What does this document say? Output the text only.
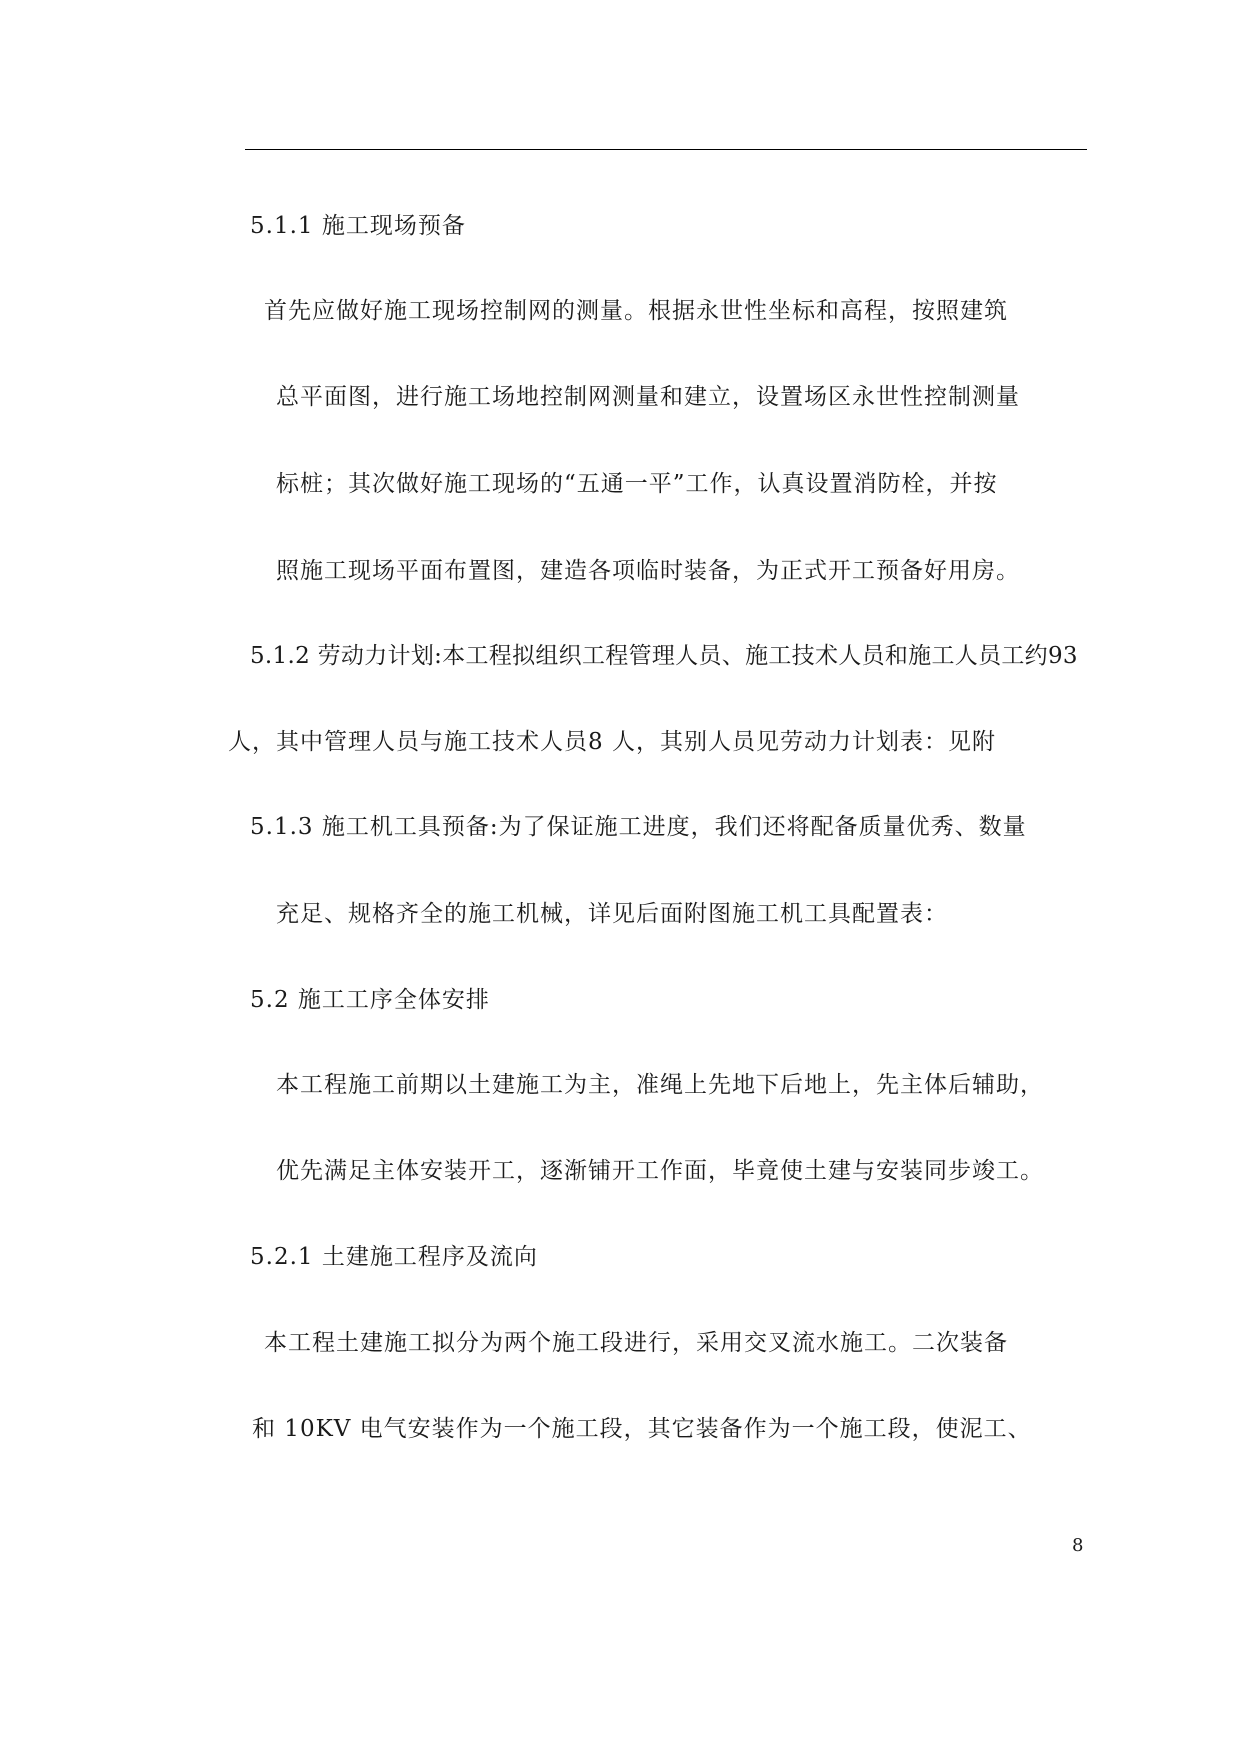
5.1.1 施工现场预备
首先应做好施工现场控制网的测量。根据永世性坐标和高程，按照建筑
总平面图，进行施工场地控制网测量和建立，设置场区永世性控制测量
标桩；其次做好施工现场的“五通一平”工作，认真设置消防栓，并按
照施工现场平面布置图，建造各项临时装备，为正式开工预备好用房。
5.1.2 劳动力计划:本工程拟组织工程管理人员、施工技术人员和施工人员工约93
人，其中管理人员与施工技术人员8 人，其别人员见劳动力计划表：见附
5.1.3 施工机工具预备:为了保证施工进度，我们还将配备质量优秀、数量
充足、规格齐全的施工机械，详见后面附图施工机工具配置表：
5.2 施工工序全体安排
本工程施工前期以土建施工为主，准绳上先地下后地上，先主体后辅助，
优先满足主体安装开工，逐渐铺开工作面，毕竟使土建与安装同步竣工。
5.2.1 土建施工程序及流向
本工程土建施工拟分为两个施工段进行，采用交叉流水施工。二次装备
和 10KV 电气安装作为一个施工段，其它装备作为一个施工段，使泥工、
8
